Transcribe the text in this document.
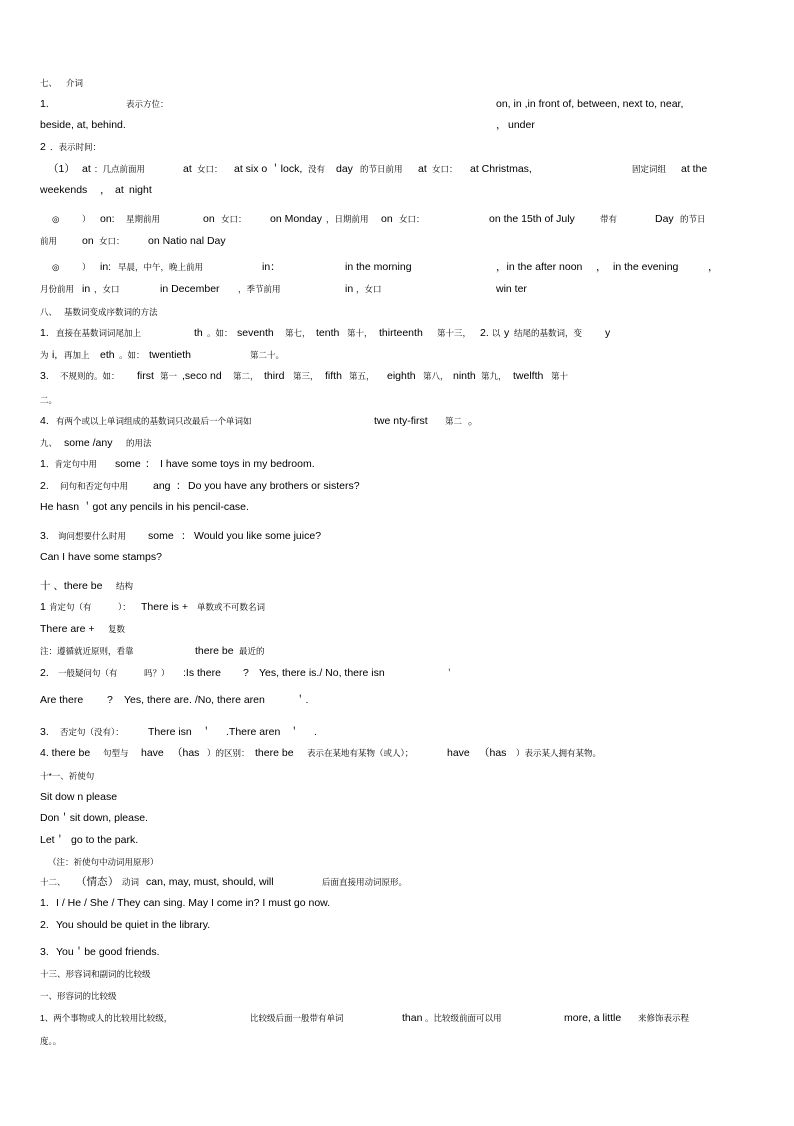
七、 介词
1.	表示方位：	on, in ,in front of, between, next to, near,
beside, at, behind.	， under
2 ．表示时间：
（1） at ：几点前面用	at 女口： at six o ＇lock, 没有 day 的节日前用 at 女口： at Christmas,	固定词组 at the
weekends ， at night
◎	） on: 星期前用	on 女口： on Monday ，日期前用 on 女口：	on the 15th of July	带有	Day 的节日
前用 on 女口： on Natio nal Day
◎	） in: 早晨，中午，晚上前用	in：	in the morning	，in the after noon ， in the evening	，
月份前用 in ，女口	in December ，季节前用	in ，女口	win ter
八、 基数词变成序数词的方法
1. 直接在基数词词尾加上	th 。如： seventh 第七， tenth 第十， thirteenth 第十三， 2. 以 y 结尾的基数词，变 y
为 i, 再加上 eth 。如： twentieth	第二十。
3. 不规则的。如： first 第一 ,seco nd 第二， third 第三， fifth 第五， eighth 第八， ninth 第九， twelfth 第十
二。
4. 有两个或以上单词组成的基数词只改最后一个单词如	twe nty-first 第二 。
九、 some /any 的用法
1 ．肯定句中用 some ： I have some toys in my bedroom.
2. 问句和否定句中用 ang ： Do you have any brothers or sisters?
He hasn ＇got any pencils in his pencil-case.
3. 询问想要什么时用 some ： Would you like some juice?
Can I have some stamps?
十 、there be 结构
1 肯定句（有	）： There is + 单数或不可数名词
There are + 复数
注：遵循就近原则，看靠	there be 最近的
2. 一般疑问句（有	吗？） :Is there ? Yes, there is./ No, there isn	＇
Are there ? Yes, there are. /No, there aren	＇.
3. 否定句（没有）： There isn ＇ .There aren ＇ .
4. there be 句型与 have （has ）的区别： there be 表示在某地有某物（或人）；	have （has ）表示某人拥有某物。
十*一、祈使句
Sit dow n please
Don＇sit down, please.
Let＇ go to the park.
（注：祈使句中动词用原形）
十二、 （情态 ） 动词 can, may, must, should, will	后面直接用动词原形。
1. I / He / She / They can sing. May I come in? I must go now.
2. You should be quiet in the library.
3. You＇be good friends.
十三、形容词和副词的比较级
一、形容词的比较级
1、两个事物或人的比较用比较级，	比较级后面一般带有单词	than 。比较级前面可以用	more, a little 来修饰表示程
度。。
